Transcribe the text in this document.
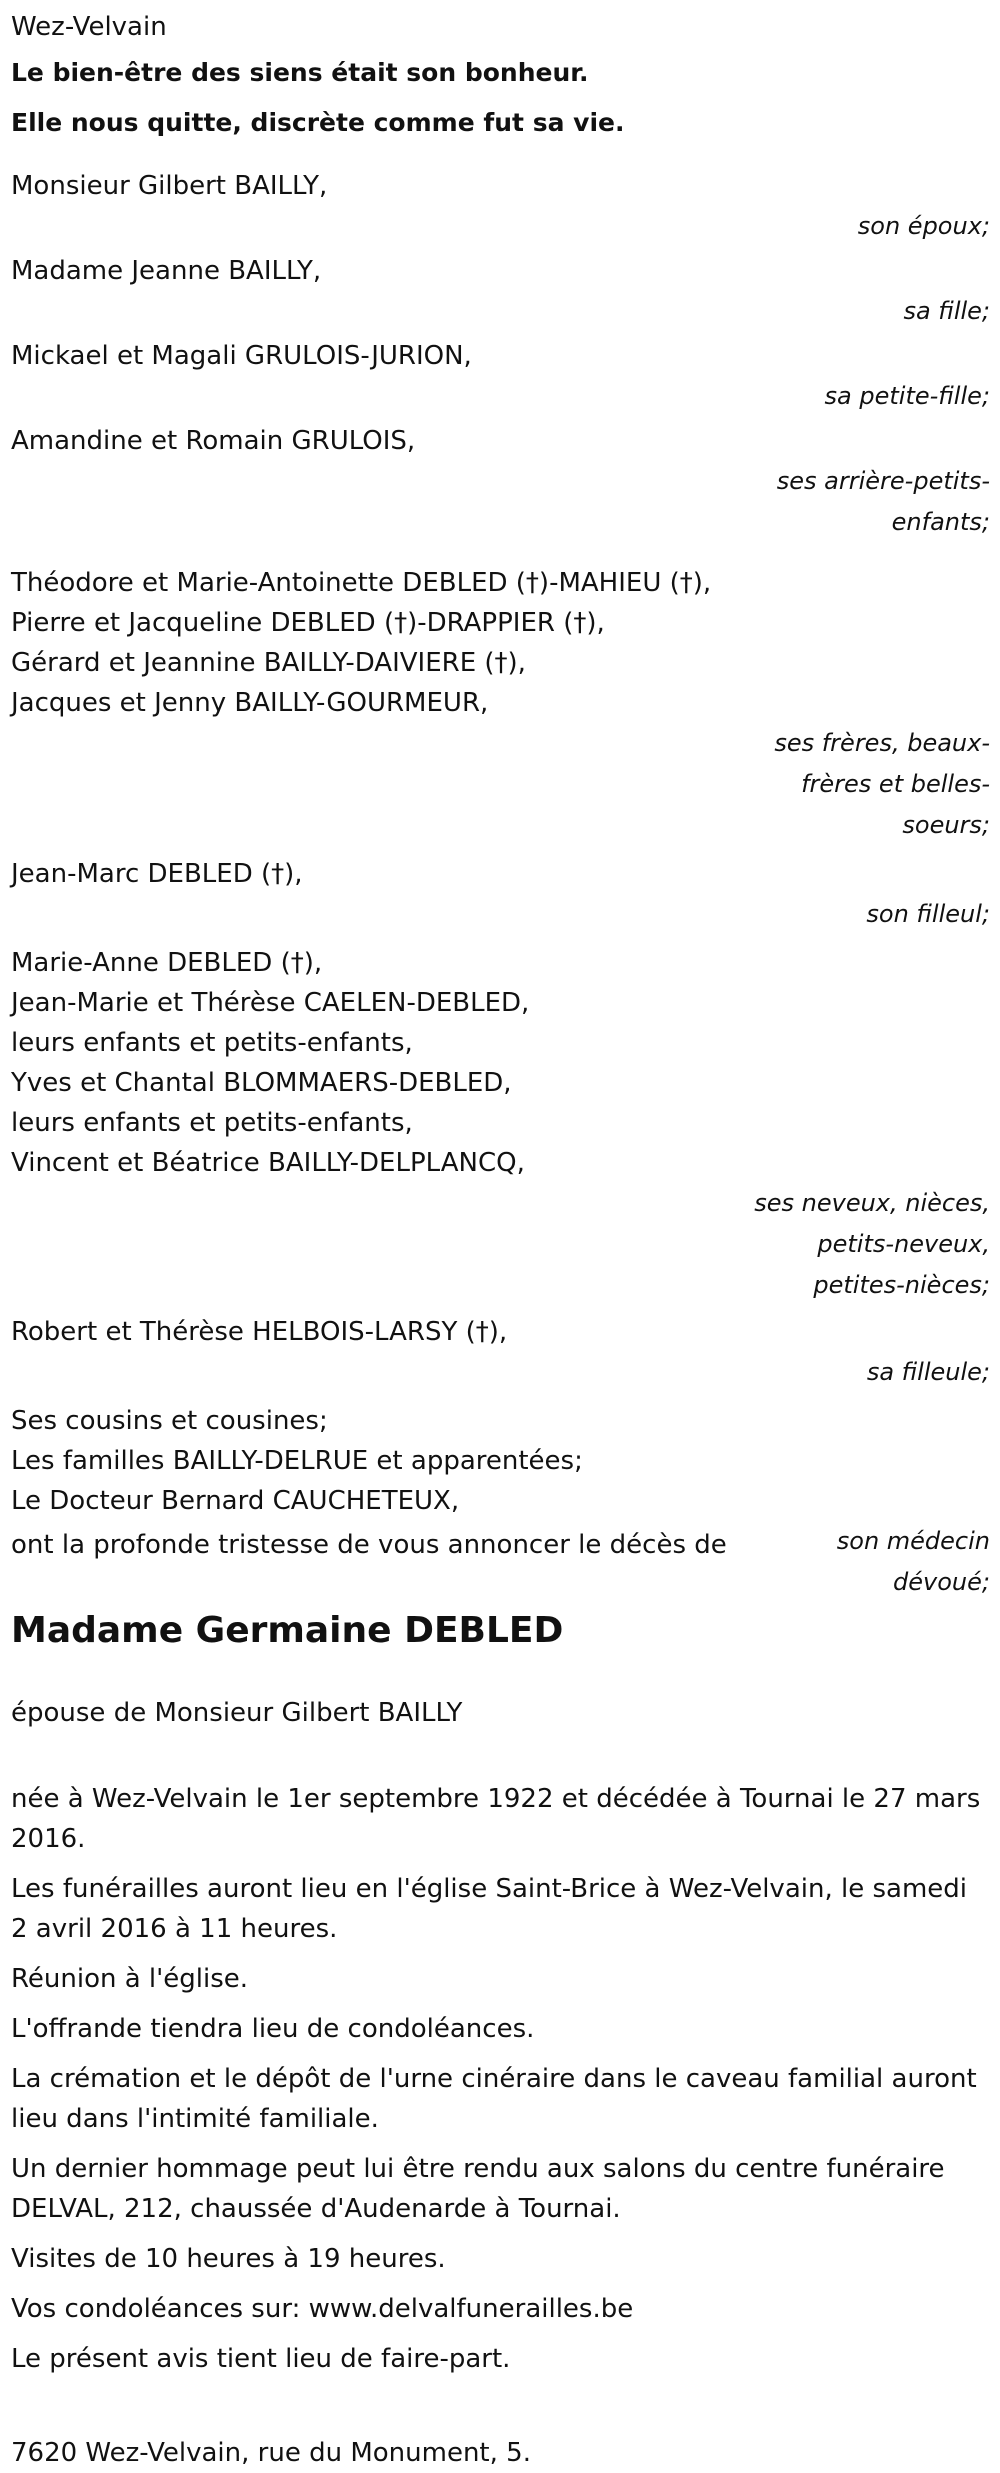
Wez-Velvain

Le bien-être des siens était son bonheur.

Elle nous quitte, discrète comme fut sa vie.

Monsieur Gilbert BAILLY,

son époux;

Madame Jeanne BAILLY,

sa fille;

Mickael et Magali GRULOIS-JURION,

sa petite-fille;

Amandine et Romain GRULOIS,

ses arrière-petits-
enfants;

Théodore et Marie-Antoinette DEBLED (†)-MAHIEU (†),

Pierre et Jacqueline DEBLED (†)-DRAPPIER (†),

Gérard et Jeannine BAILLY-DAIVIERE (†),

Jacques et Jenny BAILLY-GOURMEUR,

ses frères, beaux-
frères et belles-
soeurs;

Jean-Marc DEBLED (†),

son filleul;

Marie-Anne DEBLED (†),

Jean-Marie et Thérèse CAELEN-DEBLED,

leurs enfants et petits-enfants,

Yves et Chantal BLOMMAERS-DEBLED,

leurs enfants et petits-enfants,

Vincent et Béatrice BAILLY-DELPLANCQ,

ses neveux, nièces,
petits-neveux,
petites-nièces;

Robert et Thérèse HELBOIS-LARSY (†),

sa filleule;

Ses cousins et cousines;

Les familles BAILLY-DELRUE et apparentées;

Le Docteur Bernard CAUCHETEUX,

son médecin
dévoué;

ont la profonde tristesse de vous annoncer le décès de

Madame Germaine DEBLED

épouse de Monsieur Gilbert BAILLY

née à Wez-Velvain le 1er septembre 1922 et décédée à Tournai le 27 mars 2016.

Les funérailles auront lieu en l'église Saint-Brice à Wez-Velvain, le samedi 2 avril 2016 à 11 heures.

Réunion à l'église.

L'offrande tiendra lieu de condoléances.

La crémation et le dépôt de l'urne cinéraire dans le caveau familial auront lieu dans l'intimité familiale.

Un dernier hommage peut lui être rendu aux salons du centre funéraire DELVAL, 212, chaussée d'Audenarde à Tournai.

Visites de 10 heures à 19 heures.

Vos condoléances sur: www.delvalfunerailles.be

Le présent avis tient lieu de faire-part.

7620 Wez-Velvain, rue du Monument, 5.
